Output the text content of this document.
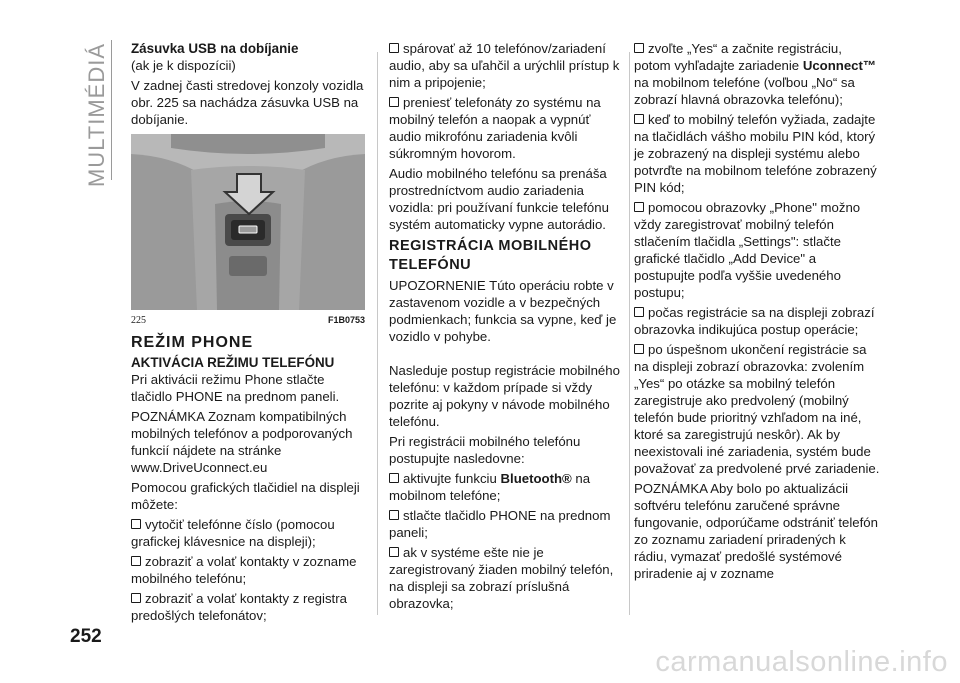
MULTIMÉDIÁ Zásuvka USB na dobíjanie

(ak je k dispozícii)

V zadnej časti stredovej konzoly vozidla obr. 225 sa nachádza zásuvka USB na dobíjanie.

225	F1B0753
REŽIM PHONE
AKTIVÁCIA REŽIMU TELEFÓNU

Pri aktivácii režimu Phone stlačte tlačidlo PHONE na prednom paneli.

POZNÁMKA Zoznam kompatibilných mobilných telefónov a podporovaných funkcií nájdete na stránke www.DriveUconnect.eu

Pomocou grafických tlačidiel na displeji môžete:

vytočiť telefónne číslo (pomocou grafickej klávesnice na displeji);

zobraziť a volať kontakty v zozname mobilného telefónu;

zobraziť a volať kontakty z registra predošlých telefonátov;

spárovať až 10 telefónov/zariadení audio, aby sa uľahčil a urýchlil prístup k nim a pripojenie;

preniesť telefonáty zo systému na mobilný telefón a naopak a vypnúť audio mikrofónu zariadenia kvôli súkromným hovorom.

Audio mobilného telefónu sa prenáša prostredníctvom audio zariadenia vozidla: pri používaní funkcie telefónu systém automaticky vypne autorádio.

REGISTRÁCIA MOBILNÉHO TELEFÓNU

UPOZORNENIE Túto operáciu robte v zastavenom vozidle a v bezpečných podmienkach; funkcia sa vypne, keď je vozidlo v pohybe.

Nasleduje postup registrácie mobilného telefónu: v každom prípade si vždy pozrite aj pokyny v návode mobilného telefónu.

Pri registrácii mobilného telefónu postupujte nasledovne:

aktivujte funkciu Bluetooth® na mobilnom telefóne;

stlačte tlačidlo PHONE na prednom paneli;

ak v systéme ešte nie je zaregistrovaný žiaden mobilný telefón, na displeji sa zobrazí príslušná obrazovka;

zvoľte „Yes“ a začnite registráciu, potom vyhľadajte zariadenie Uconnect™ na mobilnom telefóne (voľbou „No“ sa zobrazí hlavná obrazovka telefónu);

keď to mobilný telefón vyžiada, zadajte na tlačidlách vášho mobilu PIN kód, ktorý je zobrazený na displeji systému alebo potvrďte na mobilnom telefóne zobrazený PIN kód;

pomocou obrazovky „Phone" možno vždy zaregistrovať mobilný telefón stlačením tlačidla „Settings": stlačte grafické tlačidlo „Add Device" a postupujte podľa vyššie uvedeného postupu;

počas registrácie sa na displeji zobrazí obrazovka indikujúca postup operácie;

po úspešnom ukončení registrácie sa na displeji zobrazí obrazovka: zvolením „Yes“ po otázke sa mobilný telefón zaregistruje ako predvolený (mobilný telefón bude prioritný vzhľadom na iné, ktoré sa zaregistrujú neskôr). Ak by neexistovali iné zariadenia, systém bude považovať za predvolené prvé zariadenie.

POZNÁMKA Aby bolo po aktualizácii softvéru telefónu zaručené správne fungovanie, odporúčame odstrániť telefón zo zoznamu zariadení priradených k rádiu, vymazať predošlé systémové priradenie aj v zozname

252
carmanualsonline.info
